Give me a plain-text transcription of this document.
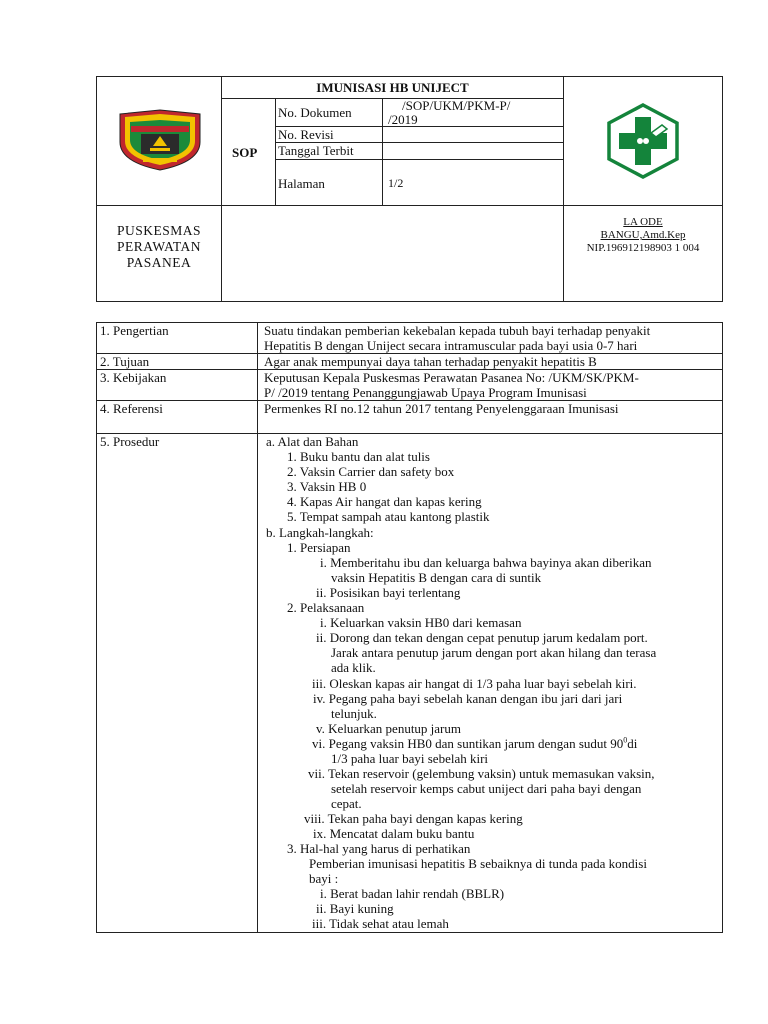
IMUNISASI HB UNIJECT
SOP
No. Dokumen	/SOP/UKM/PKM-P/
/2019
No. Revisi
Tanggal Terbit
Halaman	1/2
PUSKESMAS
PERAWATAN
PASANEA
LA ODE
BANGU,Amd.Kep
NIP.196912198903 1 004
1. Pengertian
2. Tujuan
3. Kebijakan
4. Referensi
5. Prosedur
Suatu tindakan pemberian kekebalan kepada tubuh bayi terhadap penyakit
Hepatitis B dengan Uniject secara intramuscular pada bayi usia 0-7 hari
Agar anak mempunyai daya tahan terhadap penyakit hepatitis B
Keputusan Kepala Puskesmas Perawatan Pasanea No: /UKM/SK/PKM-
P/ /2019 tentang Penanggungjawab Upaya Program Imunisasi
Permenkes RI no.12 tahun 2017 tentang Penyelenggaraan Imunisasi
a. Alat dan Bahan
1. Buku bantu dan alat tulis
2. Vaksin Carrier dan safety box
3. Vaksin HB 0
4. Kapas Air hangat dan kapas kering
5. Tempat sampah atau kantong plastik
b. Langkah-langkah:
1. Persiapan
i. Memberitahu ibu dan keluarga bahwa bayinya akan diberikan
vaksin Hepatitis B dengan cara di suntik
ii. Posisikan bayi terlentang
2. Pelaksanaan
i. Keluarkan vaksin HB0 dari kemasan
ii. Dorong dan tekan dengan cepat penutup jarum kedalam port.
Jarak antara penutup jarum dengan port akan hilang dan terasa
ada klik.
iii. Oleskan kapas air hangat di 1/3 paha luar bayi sebelah kiri.
iv. Pegang paha bayi sebelah kanan dengan ibu jari dari jari
telunjuk.
v. Keluarkan penutup jarum
vi. Pegang vaksin HB0 dan suntikan jarum dengan sudut $90^0di$
1/3 paha luar bayi sebelah kiri
vii. Tekan reservoir (gelembung vaksin) untuk memasukan vaksin,
setelah reservoir kemps cabut uniject dari paha bayi dengan
cepat.
viii. Tekan paha bayi dengan kapas kering
ix. Mencatat dalam buku bantu
3. Hal-hal yang harus di perhatikan
Pemberian imunisasi hepatitis B sebaiknya di tunda pada kondisi
bayi :
i. Berat badan lahir rendah (BBLR)
ii. Bayi kuning
iii. Tidak sehat atau lemah
